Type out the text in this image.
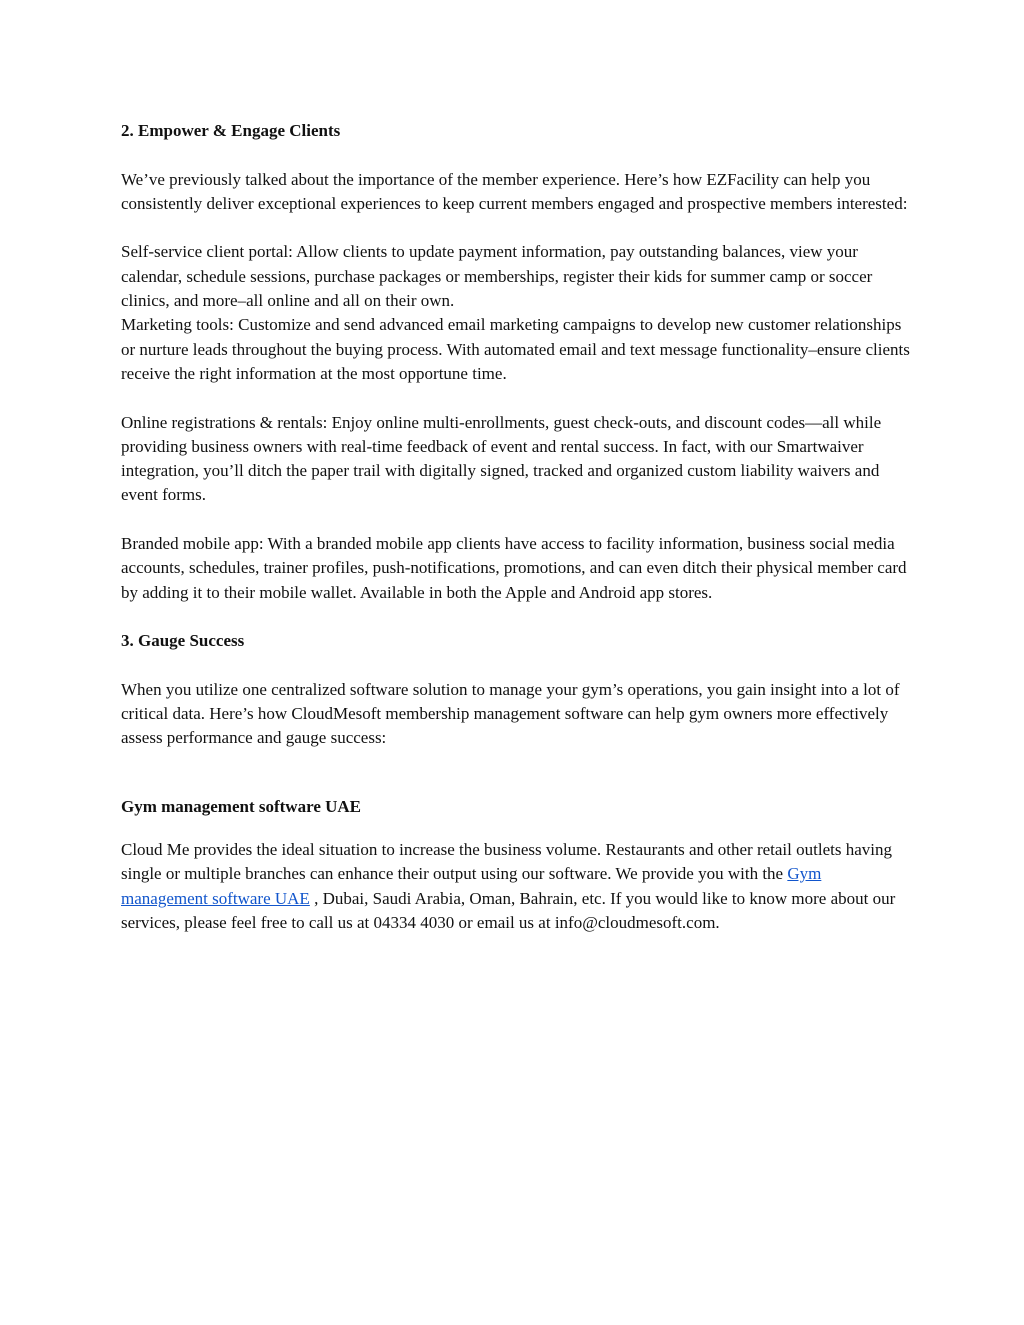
2. Empower & Engage Clients

We’ve previously talked about the importance of the member experience. Here’s how EZFacility can help you consistently deliver exceptional experiences to keep current members engaged and prospective members interested:

Self-service client portal: Allow clients to update payment information, pay outstanding balances, view your calendar, schedule sessions, purchase packages or memberships, register their kids for summer camp or soccer clinics, and more–all online and all on their own.

Marketing tools: Customize and send advanced email marketing campaigns to develop new customer relationships or nurture leads throughout the buying process. With automated email and text message functionality–ensure clients receive the right information at the most opportune time.

Online registrations & rentals: Enjoy online multi-enrollments, guest check-outs, and discount codes—all while providing business owners with real-time feedback of event and rental success. In fact, with our Smartwaiver integration, you’ll ditch the paper trail with digitally signed, tracked and organized custom liability waivers and event forms.

Branded mobile app: With a branded mobile app clients have access to facility information, business social media accounts, schedules, trainer profiles, push-notifications, promotions, and can even ditch their physical member card by adding it to their mobile wallet. Available in both the Apple and Android app stores.

3. Gauge Success

When you utilize one centralized software solution to manage your gym’s operations, you gain insight into a lot of critical data. Here’s how CloudMesoft membership management software can help gym owners more effectively assess performance and gauge success:

Gym management software UAE

Cloud Me provides the ideal situation to increase the business volume. Restaurants and other retail outlets having single or multiple branches can enhance their output using our software. We provide you with the Gym management software UAE , Dubai, Saudi Arabia, Oman, Bahrain, etc. If you would like to know more about our services, please feel free to call us at 04334 4030 or email us at info@cloudmesoft.com.
